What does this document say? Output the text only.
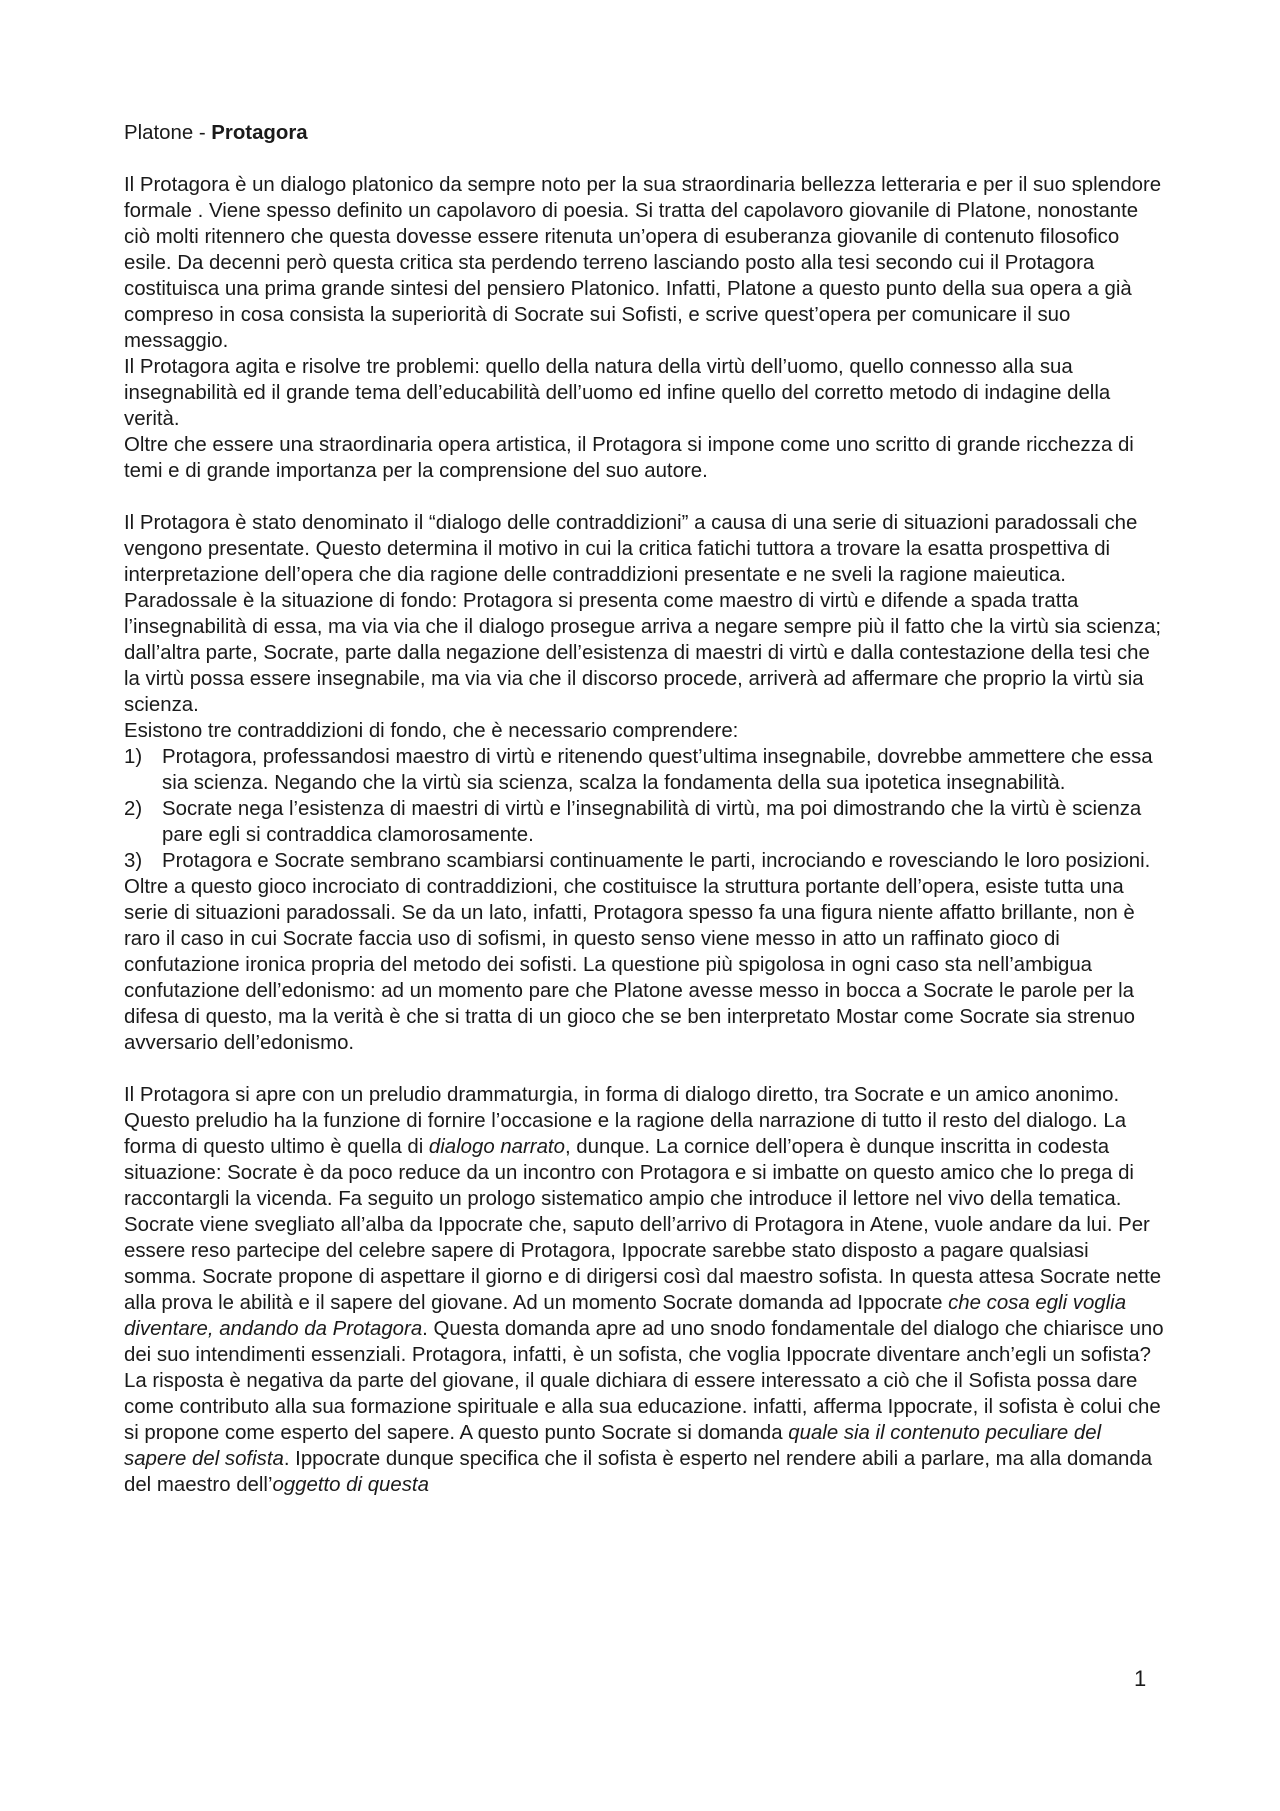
Platone - Protagora

Il Protagora è un dialogo platonico da sempre noto per la sua straordinaria bellezza letteraria e per il suo splendore formale . Viene spesso definito un capolavoro di poesia. Si tratta del capolavoro giovanile di Platone, nonostante ciò molti ritennero che questa dovesse essere ritenuta un’opera di esuberanza giovanile di contenuto filosofico esile. Da decenni però questa critica sta perdendo terreno lasciando posto alla tesi secondo cui il Protagora costituisca una prima grande sintesi del pensiero Platonico. Infatti, Platone a questo punto della sua opera a già compreso in cosa consista la superiorità di Socrate sui Sofisti, e scrive quest’opera per comunicare il suo messaggio.

Il Protagora agita e risolve tre problemi: quello della natura della virtù dell’uomo, quello connesso alla sua insegnabilità ed il grande tema dell’educabilità dell’uomo ed infine quello del corretto metodo di indagine della verità.

Oltre che essere una straordinaria opera artistica, il Protagora si impone come uno scritto di grande ricchezza di temi e di grande importanza per la comprensione del suo autore.

Il Protagora è stato denominato il “dialogo delle contraddizioni” a causa di una serie di situazioni paradossali che vengono presentate. Questo determina il motivo in cui la critica fatichi tuttora a trovare la esatta prospettiva di interpretazione dell’opera che dia ragione delle contraddizioni presentate e ne sveli la ragione maieutica. Paradossale è la situazione di fondo: Protagora si presenta come maestro di virtù e difende a spada tratta l’insegnabilità di essa, ma via via che il dialogo prosegue arriva a negare sempre più il fatto che la virtù sia scienza; dall’altra parte, Socrate, parte dalla negazione dell’esistenza di maestri di virtù e dalla contestazione della tesi che la virtù possa essere insegnabile, ma via via che il discorso procede, arriverà ad affermare che proprio la virtù sia scienza.

Esistono tre contraddizioni di fondo, che è necessario comprendere:

1) Protagora, professandosi maestro di virtù e ritenendo quest’ultima insegnabile, dovrebbe ammettere che essa sia scienza. Negando che la virtù sia scienza, scalza la fondamenta della sua ipotetica insegnabilità.
2) Socrate nega l’esistenza di maestri di virtù e l’insegnabilità di virtù, ma poi dimostrando che la virtù è scienza pare egli si contraddica clamorosamente.
3) Protagora e Socrate sembrano scambiarsi continuamente le parti, incrociando e rovesciando le loro posizioni.

Oltre a questo gioco incrociato di contraddizioni, che costituisce la struttura portante dell’opera, esiste tutta una serie di situazioni paradossali. Se da un lato, infatti, Protagora spesso fa una figura niente affatto brillante, non è raro il caso in cui Socrate faccia uso di sofismi, in questo senso viene messo in atto un raffinato gioco di confutazione ironica propria del metodo dei sofisti. La questione più spigolosa in ogni caso sta nell’ambigua confutazione dell’edonismo: ad un momento pare che Platone avesse messo in bocca a Socrate le parole per la difesa di questo, ma la verità è che si tratta di un gioco che se ben interpretato Mostar come Socrate sia strenuo avversario dell’edonismo.

Il Protagora si apre con un preludio drammaturgia, in forma di dialogo diretto, tra Socrate e un amico anonimo. Questo preludio ha la funzione di fornire l’occasione e la ragione della narrazione di tutto il resto del dialogo. La forma di questo ultimo è quella di dialogo narrato, dunque. La cornice dell’opera è dunque inscritta in codesta situazione: Socrate è da poco reduce da un incontro con Protagora e si imbatte on questo amico che lo prega di raccontargli la vicenda. Fa seguito un prologo sistematico ampio che introduce il lettore nel vivo della tematica. Socrate viene svegliato all’alba da Ippocrate che, saputo dell’arrivo di Protagora in Atene, vuole andare da lui. Per essere reso partecipe del celebre sapere di Protagora, Ippocrate sarebbe stato disposto a pagare qualsiasi somma. Socrate propone di aspettare il giorno e di dirigersi così dal maestro sofista. In questa attesa Socrate nette alla prova le abilità e il sapere del giovane. Ad un momento Socrate domanda ad Ippocrate che cosa egli voglia diventare, andando da Protagora. Questa domanda apre ad uno snodo fondamentale del dialogo che chiarisce uno dei suo intendimenti essenziali. Protagora, infatti, è un sofista, che voglia Ippocrate diventare anch’egli un sofista? La risposta è negativa da parte del giovane, il quale dichiara di essere interessato a ciò che il Sofista possa dare come contributo alla sua formazione spirituale e alla sua educazione. infatti, afferma Ippocrate, il sofista è colui che si propone come esperto del sapere. A questo punto Socrate si domanda quale sia il contenuto peculiare del sapere del sofista. Ippocrate dunque specifica che il sofista è esperto nel rendere abili a parlare, ma alla domanda del maestro dell’oggetto di questa

1
